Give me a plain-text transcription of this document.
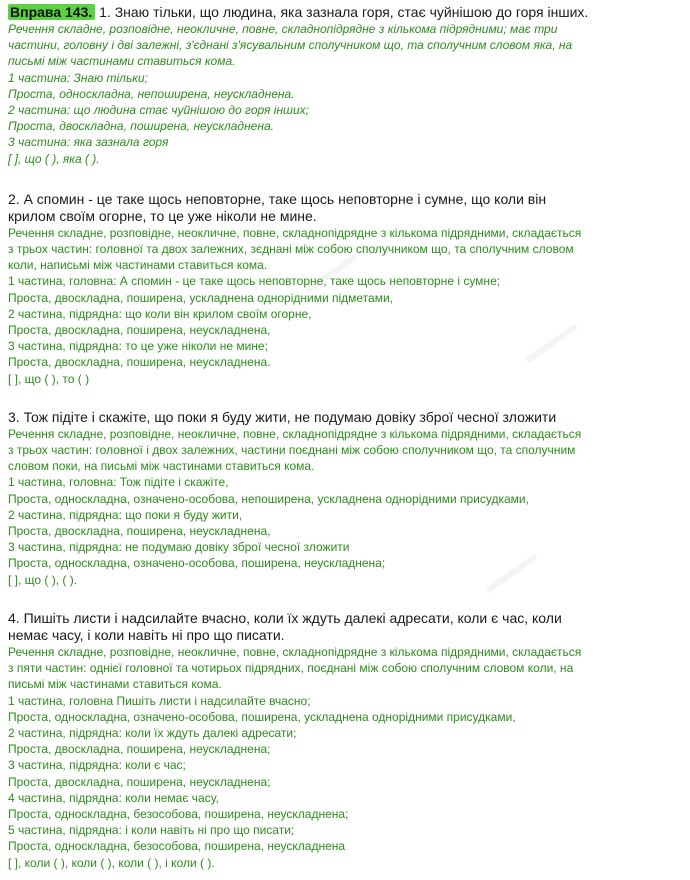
▬▬▬
▬▬▬
▬▬▬

Вправа 143. 1. Знаю тільки, що людина, яка зазнала горя, стає чуйнішою до горя інших.

Речення складне, розповідне, неокличне, повне, складнопідрядне з кількома підрядними; має три

частини, головну і дві залежні, з'єднані з'ясувальним сполучником що, та сполучним словом яка, на

письмі між частинами ставиться кома.

1 частина: Знаю тільки;

Проста, односкладна, непоширена, неускладнена.

2 частина: що людина стає чуйнішою до горя інших;

Проста, двоскладна, поширена, неускладнена.

3 частина: яка зазнала горя

[ ], що ( ), яка ( ).

2. А спомин - це таке щось неповторне, таке щось неповторне і сумне, що коли він

крилом своїм огорне, то це уже ніколи не мине.

Речення складне, розповідне, неокличне, повне, складнопідрядне з кількома підрядними, складається

з трьох частин: головної та двох залежних, зєднані між собою сполучником що, та сполучним словом

коли, написьмі між частинами ставиться кома.

1 частина, головна: А спомин - це таке щось неповторне, таке щось неповторне і сумне;

Проста, двоскладна, поширена, ускладнена однорідними підметами,

2 частина, підрядна: що коли він крилом своїм огорне,

Проста, двоскладна, поширена, неускладнена,

3 частина, підрядна: то це уже ніколи не мине;

Проста, двоскладна, поширена, неускладнена.

[ ], що ( ), то ( )

3. Тож підіте і скажіте, що поки я буду жити, не подумаю довіку зброї чесної зложити

Речення складне, розповідне, неокличне, повне, складнопідрядне з кількома підрядними, складається

з трьох частин: головної і двох залежних, частини поєднані між собою сполучником що, та сполучним

словом поки, на письмі між частинами ставиться кома.

1 частина, головна: Тож підіте і скажіте,

Проста, односкладна, означено-особова, непоширена, ускладнена однорідними присудками,

2 частина, підрядна: що поки я буду жити,

Проста, двоскладна, поширена, неускладнена,

3 частина, підрядна: не подумаю довіку зброї чесної зложити

Проста, односкладна, означено-особова, поширена, неускладнена;

[ ], що ( ), ( ).

4. Пишіть листи і надсилайте вчасно, коли їх ждуть далекі адресати, коли є час, коли

немає часу, і коли навіть ні про що писати.

Речення складне, розповідне, неокличне, повне, складнопідрядне з кількома підрядними, складається

з пяти частин: однієї головної та чотирьох підрядних, поєднані між собою сполучним словом коли, на

письмі між частинами ставиться кома.

1 частина, головна Пишіть листи і надсилайте вчасно;

Проста, односкладна, означено-особова, поширена, ускладнена однорідними присудками,

2 частина, підрядна: коли їх ждуть далекі адресати;

Проста, двоскладна, поширена, неускладнена;

3 частина, підрядна: коли є час;

Проста, двоскладна, поширена, неускладнена;

4 частина, підрядна: коли немає часу,

Проста, односкладна, безособова, поширена, неускладнена;

5 частина, підрядна: і коли навіть ні про що писати;

Проста, односкладна, безособова, поширена, неускладнена

[ ], коли ( ), коли ( ), коли ( ), і коли ( ).
